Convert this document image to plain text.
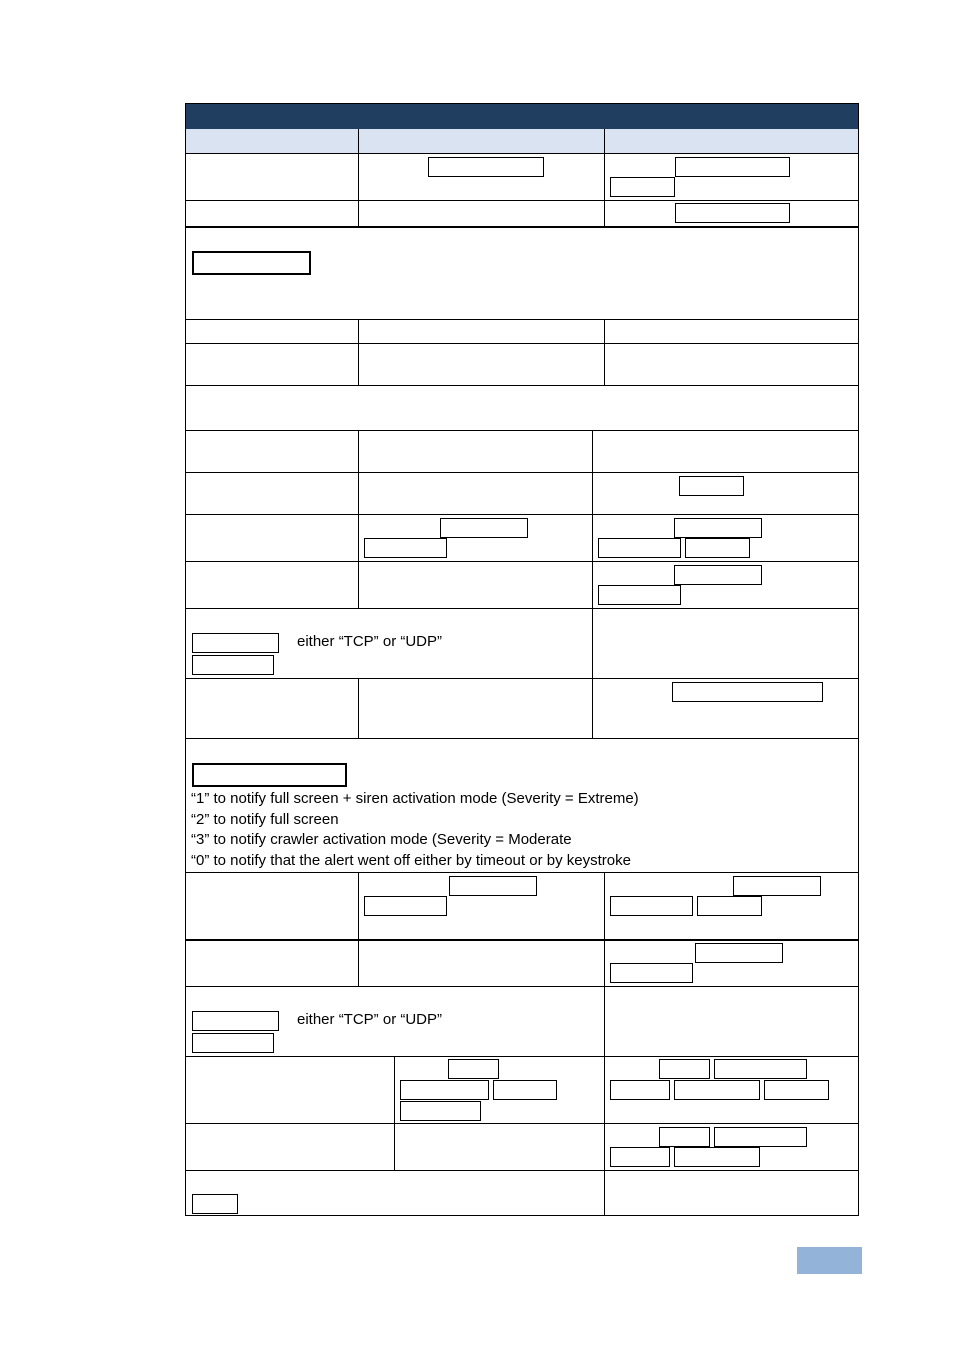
either “TCP” or “UDP”
“1” to notify full screen + siren activation mode (Severity = Extreme)
“2” to notify full screen
“3” to notify crawler activation mode (Severity = Moderate
“0” to notify that the alert went off either by timeout or by keystroke
either “TCP” or “UDP”
